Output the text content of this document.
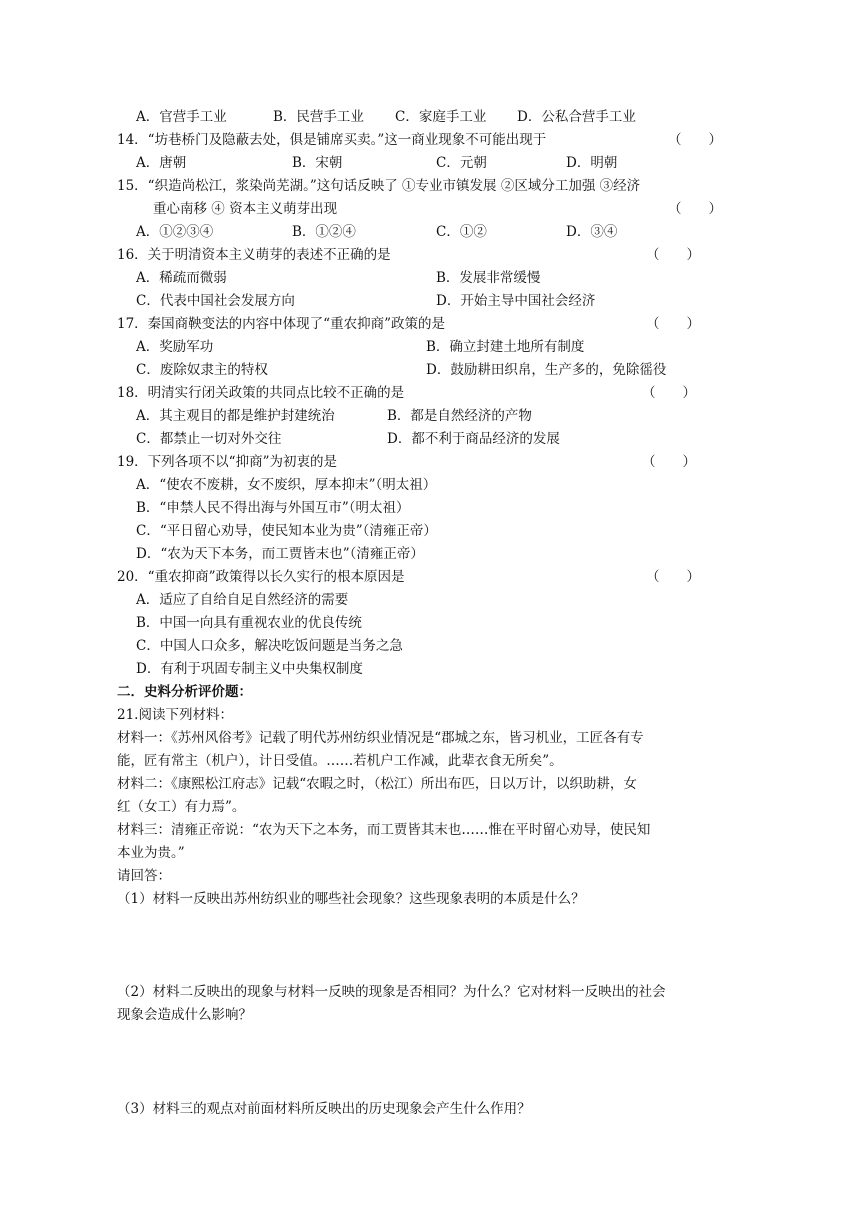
A．官营手工业	B．民营手工业 C．家庭手工业 D．公私合营手工业
14．“坊巷桥门及隐蔽去处，俱是铺席买卖。”这一商业现象不可能出现于	（　　）
A．唐朝	B．宋朝	C．元朝	D．明朝
15．“织造尚松江，浆染尚芜湖。”这句话反映了 ①专业市镇发展 ②区域分工加强 ③经济
重心南移 ④ 资本主义萌芽出现	（　　）
A．①②③④	B．①②④	C．①②	D．③④
16．关于明清资本主义萌芽的表述不正确的是	（　　）
A．稀疏而微弱	B．发展非常缓慢
C．代表中国社会发展方向	D．开始主导中国社会经济
17．秦国商鞅变法的内容中体现了“重农抑商”政策的是	（　　）
A．奖励军功	B．确立封建土地所有制度
C．废除奴隶主的特权	D．鼓励耕田织帛，生产多的，免除徭役
18．明清实行闭关政策的共同点比较不正确的是	（　　）
A．其主观目的都是维护封建统治	B．都是自然经济的产物
C．都禁止一切对外交往	D．都不利于商品经济的发展
19．下列各项不以“抑商”为初衷的是	（　　）
A．“使农不废耕，女不废织，厚本抑末”（明太祖）
B．“申禁人民不得出海与外国互市”（明太祖）
C．“平日留心劝导，使民知本业为贵”（清雍正帝）
D．“农为天下本务，而工贾皆末也”（清雍正帝）
20．“重农抑商”政策得以长久实行的根本原因是	（　　）
A．适应了自给自足自然经济的需要
B．中国一向具有重视农业的优良传统
C．中国人口众多，解决吃饭问题是当务之急
D．有利于巩固专制主义中央集权制度
二．史料分析评价题：
21.阅读下列材料：
材料一：《苏州风俗考》记载了明代苏州纺织业情况是“郡城之东，皆习机业，工匠各有专
能，匠有常主（机户），计日受值。……若机户工作减，此辈衣食无所矣”。
材料二：《康熙松江府志》记载“农暇之时，（松江）所出布匹，日以万计，以织助耕，女
红（女工）有力焉”。
材料三：清雍正帝说：“农为天下之本务，而工贾皆其末也……惟在平时留心劝导，使民知
本业为贵。”
请回答：
（1）材料一反映出苏州纺织业的哪些社会现象？这些现象表明的本质是什么？
（2）材料二反映出的现象与材料一反映的现象是否相同？为什么？它对材料一反映出的社会
现象会造成什么影响？
（3）材料三的观点对前面材料所反映出的历史现象会产生什么作用？
